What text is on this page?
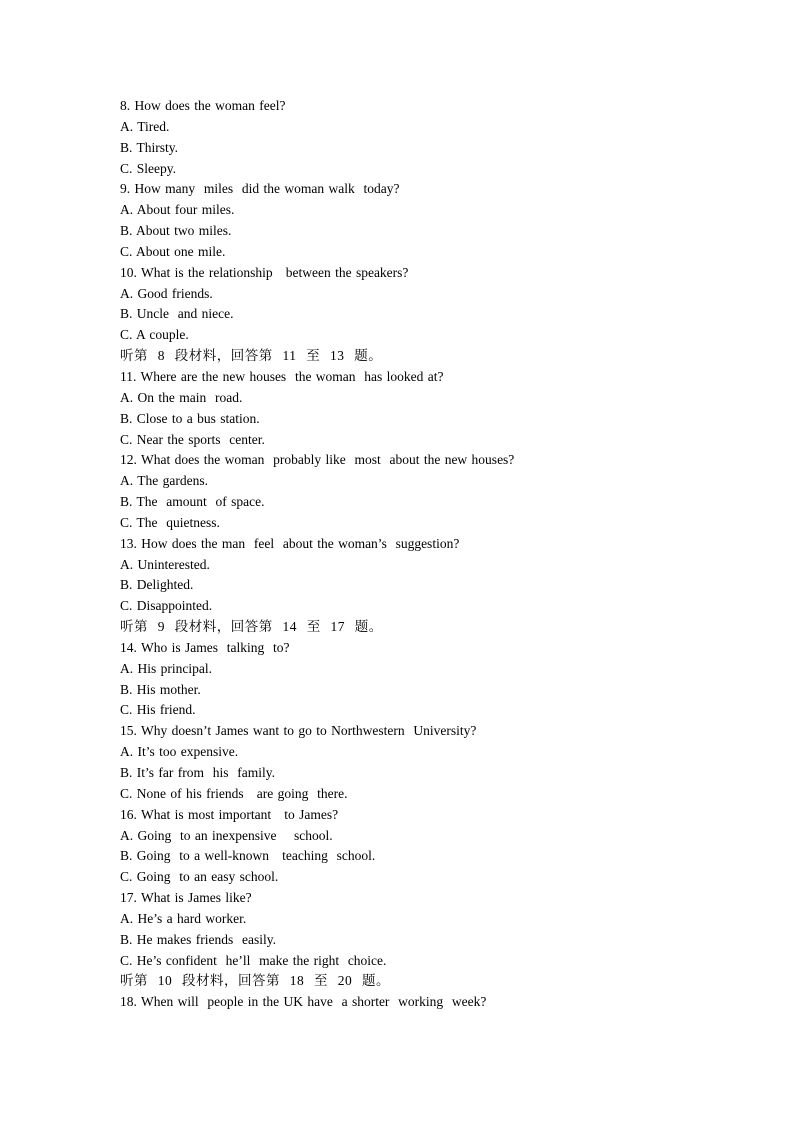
8. How does the woman feel?
A. Tired.
B. Thirsty.
C. Sleepy.
9. How many  miles  did the woman walk  today?
A. About four miles.
B. About two miles.
C. About one mile.
10. What is the relationship   between the speakers?
A. Good friends.
B. Uncle  and niece.
C. A couple.
听第  8  段材料，回答第  11  至  13  题。
11. Where are the new houses  the woman  has looked at?
A. On the main  road.
B. Close to a bus station.
C. Near the sports  center.
12. What does the woman  probably like  most  about the new houses?
A. The gardens.
B. The  amount  of space.
C. The  quietness.
13. How does the man  feel  about the woman’s  suggestion?
A. Uninterested.
B. Delighted.
C. Disappointed.
听第  9  段材料，回答第  14  至  17  题。
14. Who is James  talking  to?
A. His principal.
B. His mother.
C. His friend.
15. Why doesn’t James want to go to Northwestern  University?
A. It’s too expensive.
B. It’s far from  his  family.
C. None of his friends   are going  there.
16. What is most important   to James?
A. Going  to an inexpensive    school.
B. Going  to a well-known   teaching  school.
C. Going  to an easy school.
17. What is James like?
A. He’s a hard worker.
B. He makes friends  easily.
C. He’s confident  he’ll  make the right  choice.
听第  10  段材料，回答第  18  至  20  题。
18. When will  people in the UK have  a shorter  working  week?
